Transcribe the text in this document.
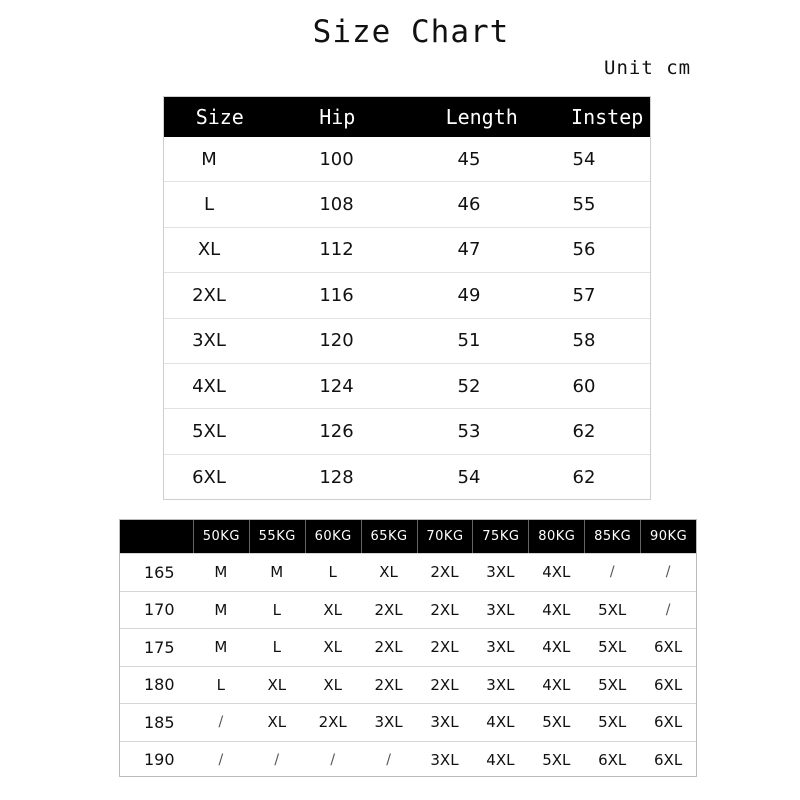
Size Chart
Unit cm
Size	Hip	Length	Instep
M	100	45	54
L	108	46	55
XL	112	47	56
2XL	116	49	57
3XL	120	51	58
4XL	124	52	60
5XL	126	53	62
6XL	128	54	62
50KG	55KG	60KG	65KG	70KG	75KG	80KG	85KG	90KG
165	M	M	L	XL	2XL	3XL	4XL	/	/
170	M	L	XL	2XL	2XL	3XL	4XL	5XL	/
175	M	L	XL	2XL	2XL	3XL	4XL	5XL	6XL
180	L	XL	XL	2XL	2XL	3XL	4XL	5XL	6XL
185	/	XL	2XL	3XL	3XL	4XL	5XL	5XL	6XL
190	/	/	/	/	3XL	4XL	5XL	6XL	6XL
